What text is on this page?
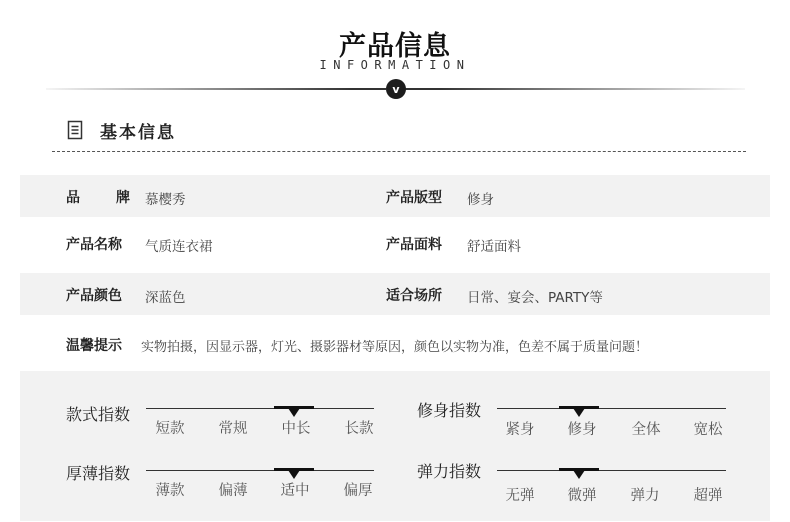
产品信息
INFORMATION
v
基本信息
品	牌 慕樱秀	产品版型 修身
产品名称 气质连衣裙	产品面料 舒适面料
产品颜色 深蓝色	适合场所 日常、宴会、PARTY等
温馨提示 实物拍摄，因显示器，灯光、摄影器材等原因，颜色以实物为准，色差不属于质量问题！
款式指数
短款	常规	中长	长款
修身指数
紧身	修身	全体	宽松
厚薄指数
薄款	偏薄	适中	偏厚
弹力指数
无弹	微弹	弹力	超弹
